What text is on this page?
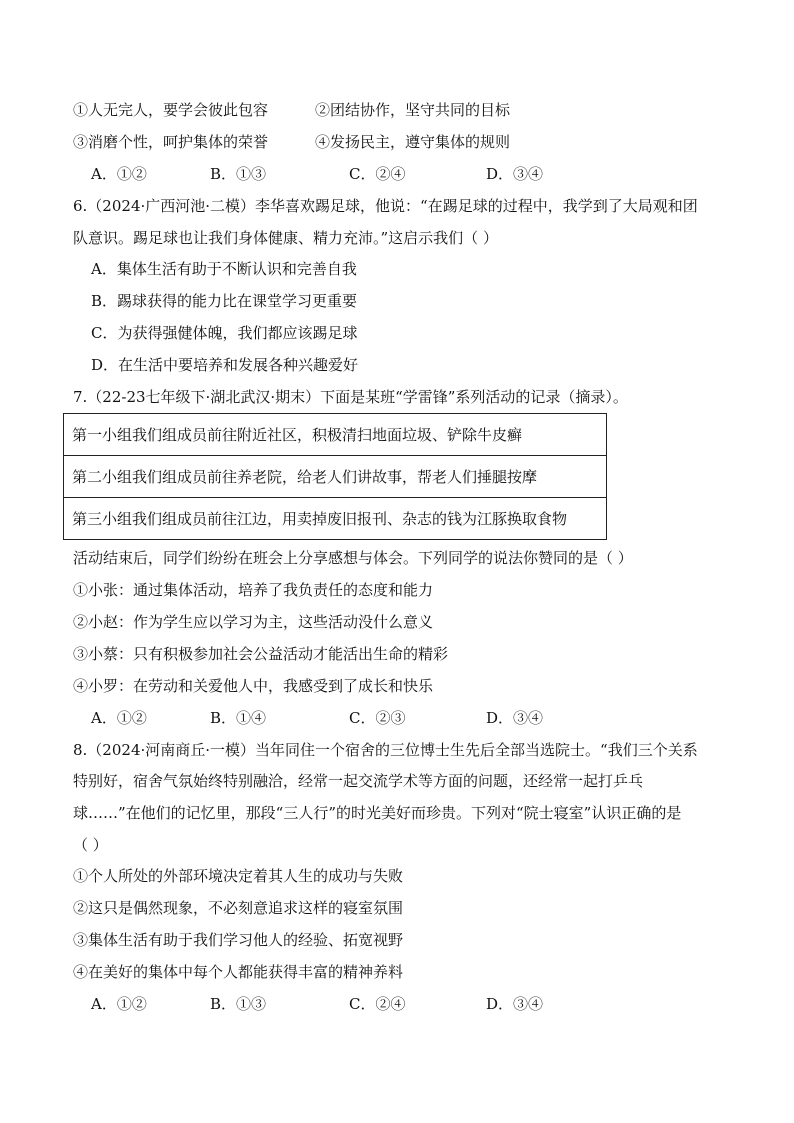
①人无完人，要学会彼此包容	②团结协作，坚守共同的目标
③消磨个性，呵护集体的荣誉	④发扬民主，遵守集体的规则
A．①②	B．①③	C．②④	D．③④
6.（2024·广西河池·二模）李华喜欢踢足球，他说：“在踢足球的过程中，我学到了大局观和团
队意识。踢足球也让我们身体健康、精力充沛。”这启示我们（ ）
A．集体生活有助于不断认识和完善自我
B．踢球获得的能力比在课堂学习更重要
C．为获得强健体魄，我们都应该踢足球
D．在生活中要培养和发展各种兴趣爱好
7.（22-23七年级下·湖北武汉·期末）下面是某班“学雷锋”系列活动的记录（摘录）。
第一小组我们组成员前往附近社区，积极清扫地面垃圾、铲除牛皮癣
第二小组我们组成员前往养老院，给老人们讲故事，帮老人们捶腿按摩
第三小组我们组成员前往江边，用卖掉废旧报刊、杂志的钱为江豚换取食物
活动结束后，同学们纷纷在班会上分享感想与体会。下列同学的说法你赞同的是（ ）
①小张：通过集体活动，培养了我负责任的态度和能力
②小赵：作为学生应以学习为主，这些活动没什么意义
③小蔡：只有积极参加社会公益活动才能活出生命的精彩
④小罗：在劳动和关爱他人中，我感受到了成长和快乐
A．①②	B．①④	C．②③	D．③④
8.（2024·河南商丘·一模）当年同住一个宿舍的三位博士生先后全部当选院士。“我们三个关系
特别好，宿舍气氛始终特别融洽，经常一起交流学术等方面的问题，还经常一起打乒乓
球……”在他们的记忆里，那段“三人行”的时光美好而珍贵。下列对“院士寝室”认识正确的是
（ ）
①个人所处的外部环境决定着其人生的成功与失败
②这只是偶然现象，不必刻意追求这样的寝室氛围
③集体生活有助于我们学习他人的经验、拓宽视野
④在美好的集体中每个人都能获得丰富的精神养料
A．①②	B．①③	C．②④	D．③④
